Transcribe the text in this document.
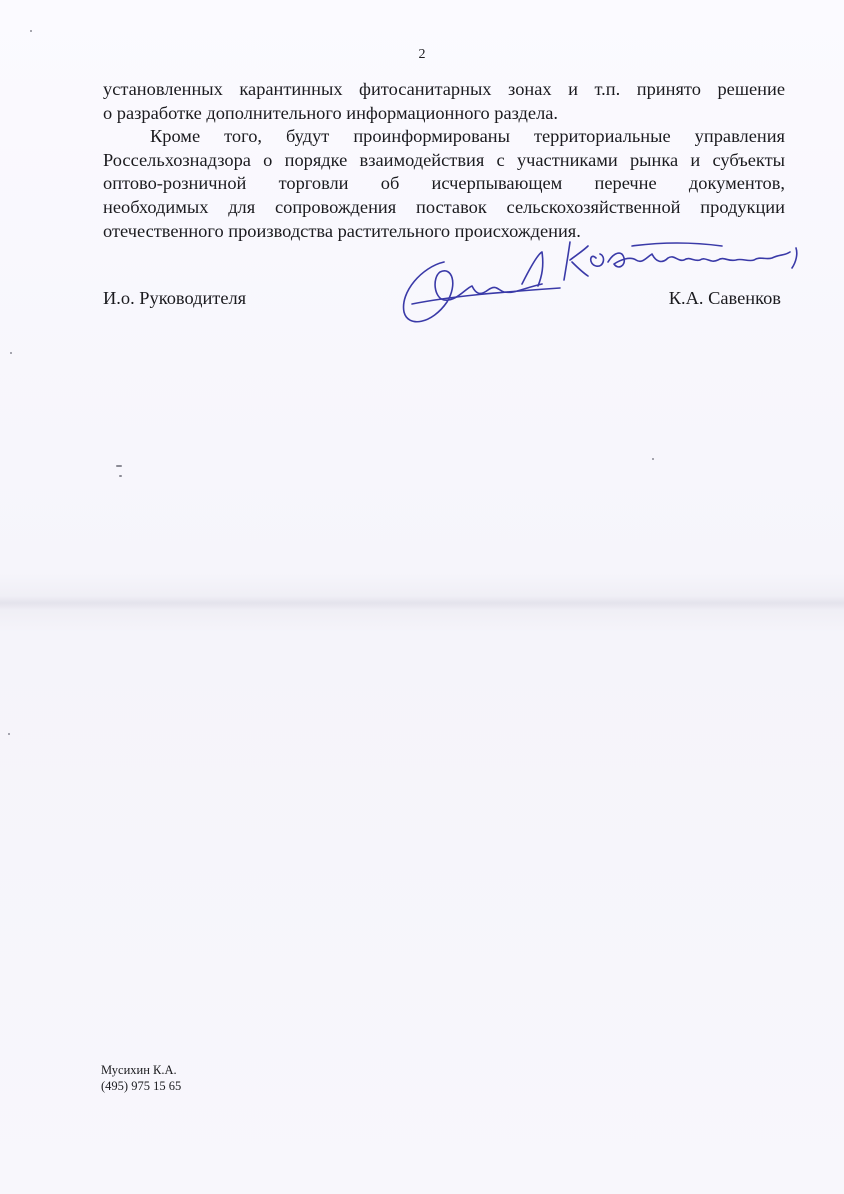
2
установленных карантинных фитосанитарных зонах и т.п. принято решение
о разработке дополнительного информационного раздела.
Кроме того, будут проинформированы территориальные управления
Россельхознадзора о порядке взаимодействия с участниками рынка и субъекты
оптово-розничной торговли об исчерпывающем перечне документов,
необходимых для сопровождения поставок сельскохозяйственной продукции
отечественного производства растительного происхождения.
И.о. Руководителя	К.А. Савенков
Мусихин К.А.
(495) 975 15 65
